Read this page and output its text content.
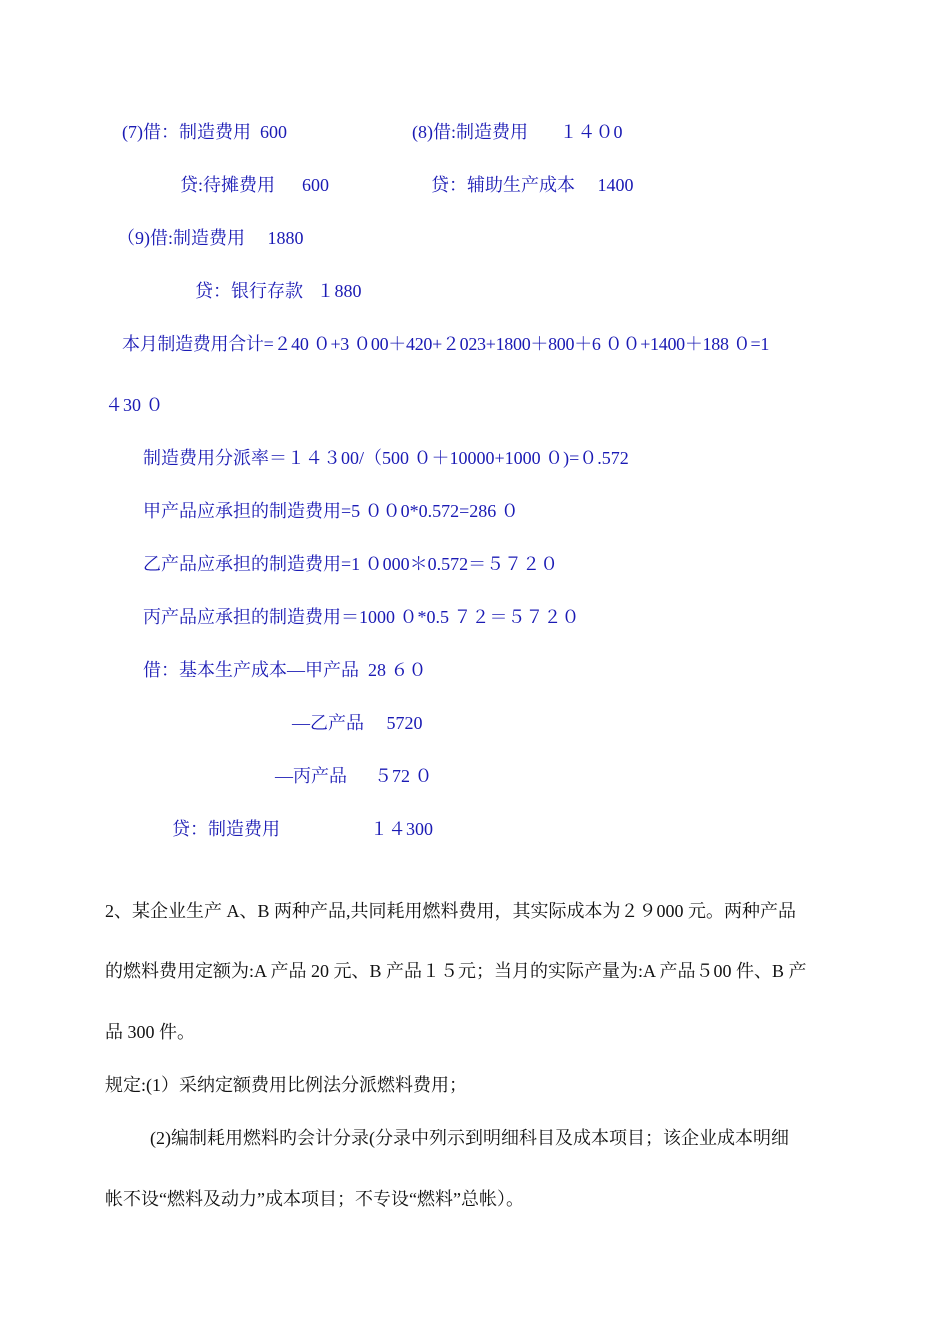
(7)借：制造费用  600	(8)借:制造费用       １４０0
贷:待摊费用      600	贷：辅助生产成本     1400
（9)借:制造费用     1880
贷：银行存款   １880
本月制造费用合计=２40 ０+3 ０00＋420+２023+1800＋800＋6 ００+1400＋188 ０=1
４30 ０
制造费用分派率＝１４３00/（500 ０＋10000+1000 ０)=０.572
甲产品应承担的制造费用=5 ００0*0.572=286 ０
乙产品应承担的制造费用=1 ０000＊0.572＝５７２０
丙产品应承担的制造费用＝1000 ０*0.5 ７２＝５７２０
借：基本生产成本—甲产品  28 ６０
—乙产品     5720
—丙产品      ５72 ０
贷：制造费用                    １４300
2、某企业生产 A、B 两种产品,共同耗用燃料费用，其实际成本为２９000 元。两种产品
的燃料费用定额为:A 产品 20 元、B 产品１５元；当月的实际产量为:A 产品５00 件、B 产
品 300 件。
规定:(1）采纳定额费用比例法分派燃料费用；
(2)编制耗用燃料旳会计分录(分录中列示到明细科目及成本项目；该企业成本明细
帐不设“燃料及动力”成本项目；不专设“燃料”总帐）。
